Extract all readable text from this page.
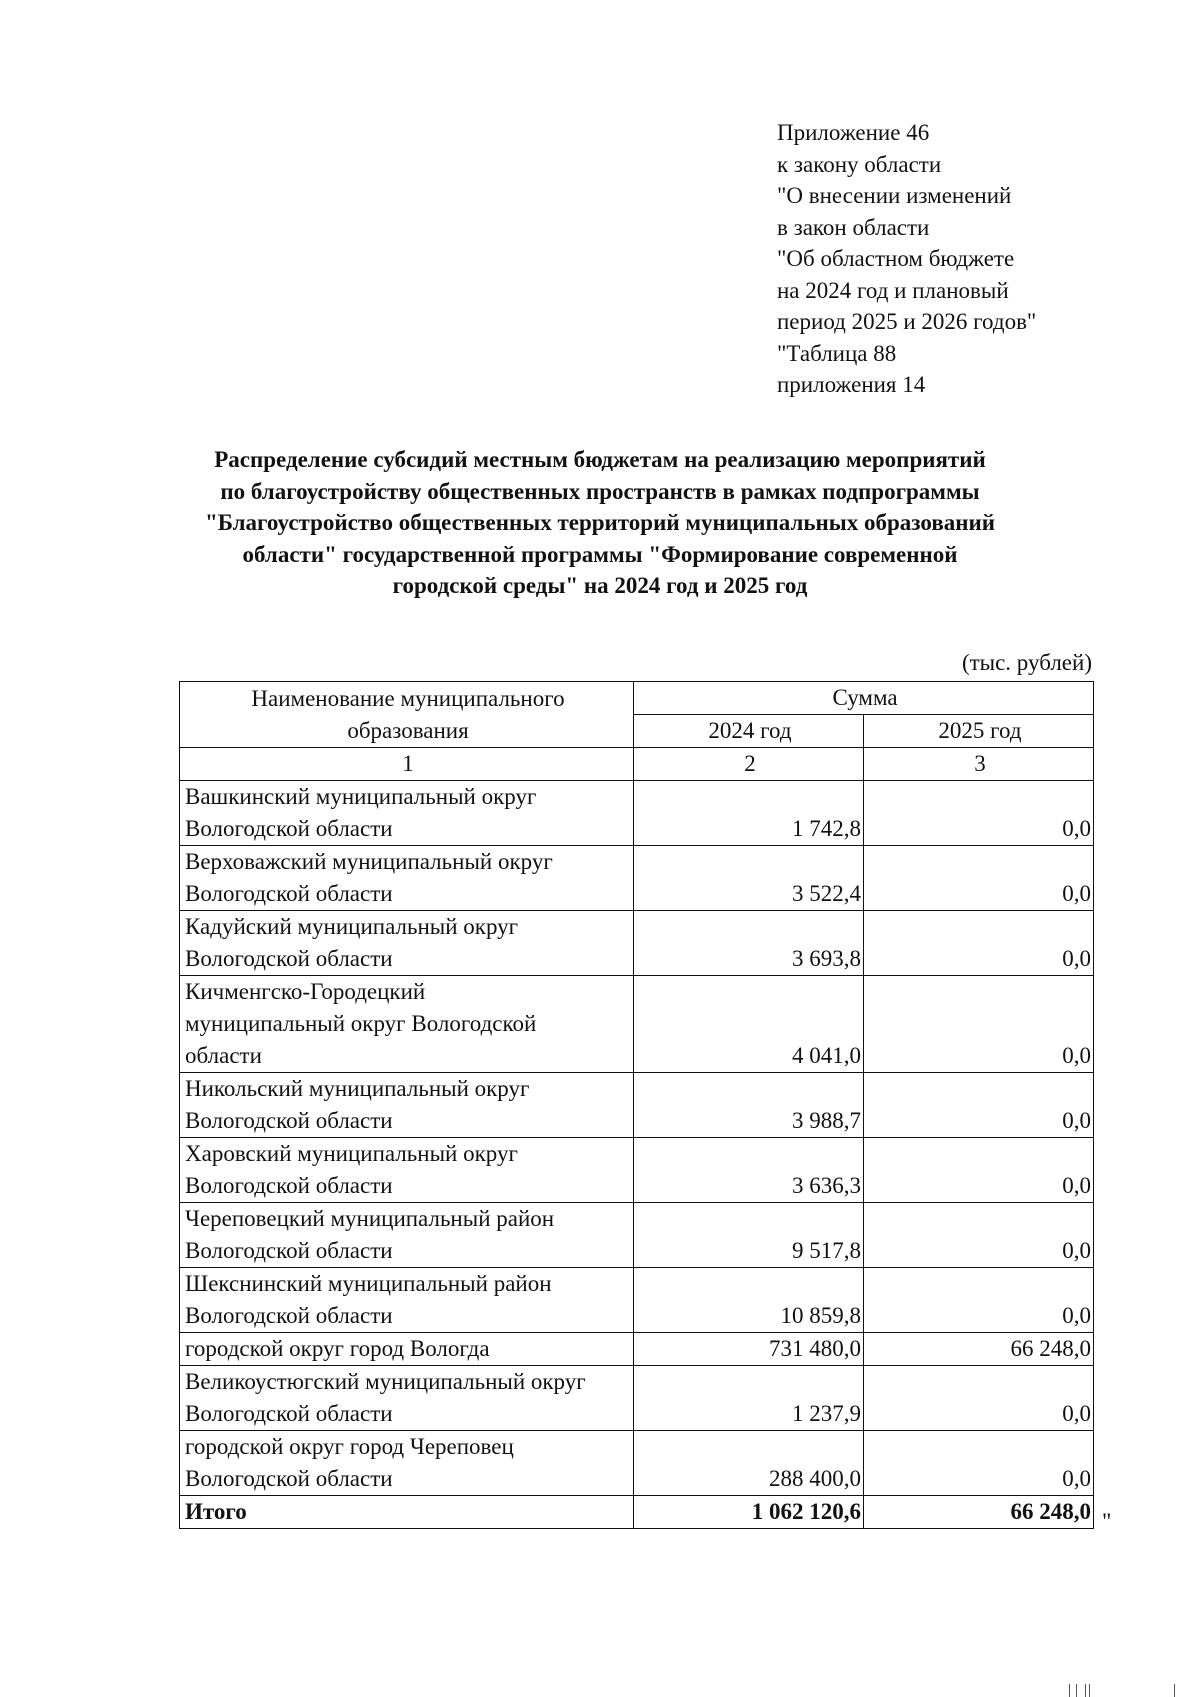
Приложение 46
к закону области
"О внесении изменений
в закон области
"Об областном бюджете
на 2024 год и плановый
период 2025 и 2026 годов"
"Таблица 88
приложения 14
Распределение субсидий местным бюджетам на реализацию мероприятий
по благоустройству общественных пространств в рамках подпрограммы
"Благоустройство общественных территорий муниципальных образований
области" государственной программы "Формирование современной
городской среды" на 2024 год и 2025 год
(тыс. рублей)
Наименование муниципального
образования	Сумма	
	2024 год	2025 год
1	2	3

Вашкинский муниципальный округ
Вологодской области	1 742,8	0,0

Верховажский муниципальный округ
Вологодской области	3 522,4	0,0

Кадуйский муниципальный округ
Вологодской области	3 693,8	0,0

Кичменгско-Городецкий
муниципальный округ Вологодской
области	4 041,0	0,0

Никольский муниципальный округ
Вологодской области	3 988,7	0,0

Харовский муниципальный округ
Вологодской области	3 636,3	0,0

Череповецкий муниципальный район
Вологодской области	9 517,8	0,0

Шекснинский муниципальный район
Вологодской области	10 859,8	0,0

городской округ город Вологда	731 480,0	66 248,0

Великоустюгский муниципальный округ
Вологодской области	1 237,9	0,0

городской округ город Череповец
Вологодской области	288 400,0	0,0
Итого	1 062 120,6	66 248,0 "
